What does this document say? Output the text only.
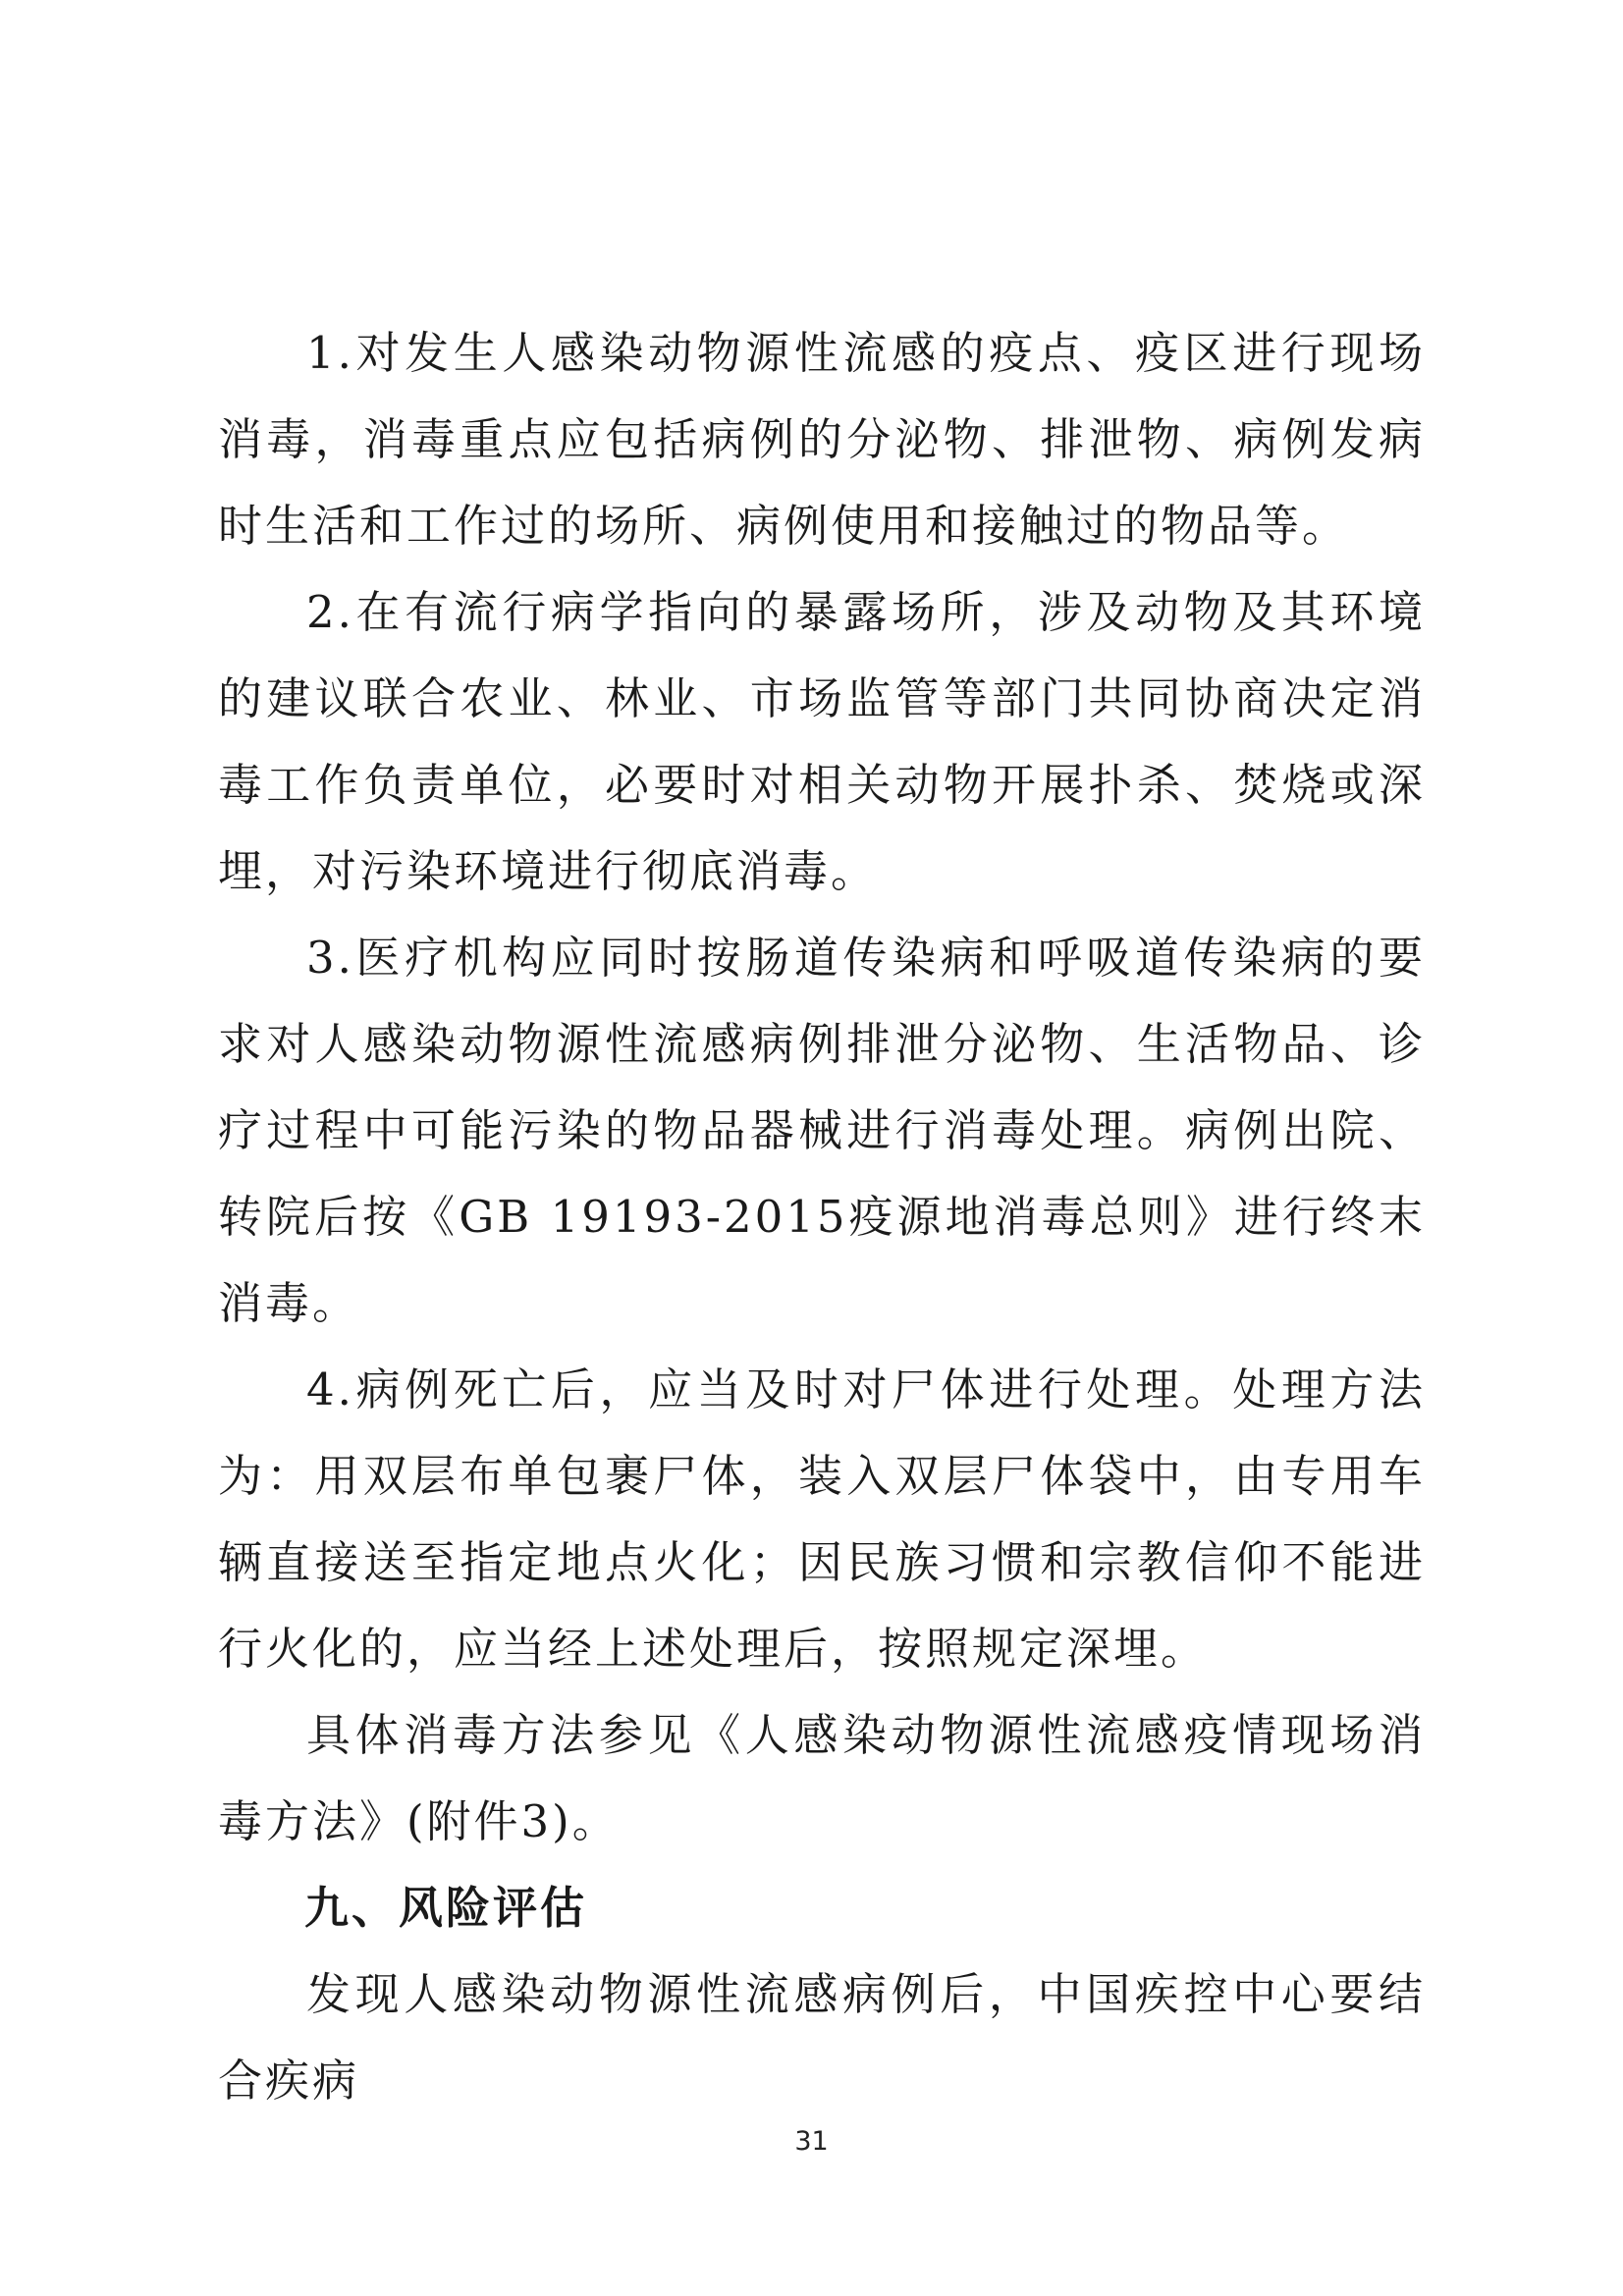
1.对发生人感染动物源性流感的疫点、疫区进行现场消毒，消毒重点应包括病例的分泌物、排泄物、病例发病时生活和工作过的场所、病例使用和接触过的物品等。

2.在有流行病学指向的暴露场所，涉及动物及其环境的建议联合农业、林业、市场监管等部门共同协商决定消毒工作负责单位，必要时对相关动物开展扑杀、焚烧或深埋，对污染环境进行彻底消毒。

3.医疗机构应同时按肠道传染病和呼吸道传染病的要求对人感染动物源性流感病例排泄分泌物、生活物品、诊疗过程中可能污染的物品器械进行消毒处理。病例出院、转院后按《GB 19193-2015疫源地消毒总则》进行终末消毒。

4.病例死亡后，应当及时对尸体进行处理。处理方法为：用双层布单包裹尸体，装入双层尸体袋中，由专用车辆直接送至指定地点火化；因民族习惯和宗教信仰不能进行火化的，应当经上述处理后，按照规定深埋。

具体消毒方法参见《人感染动物源性流感疫情现场消毒方法》(附件3)。

九、风险评估

发现人感染动物源性流感病例后，中国疾控中心要结合疾病

31
